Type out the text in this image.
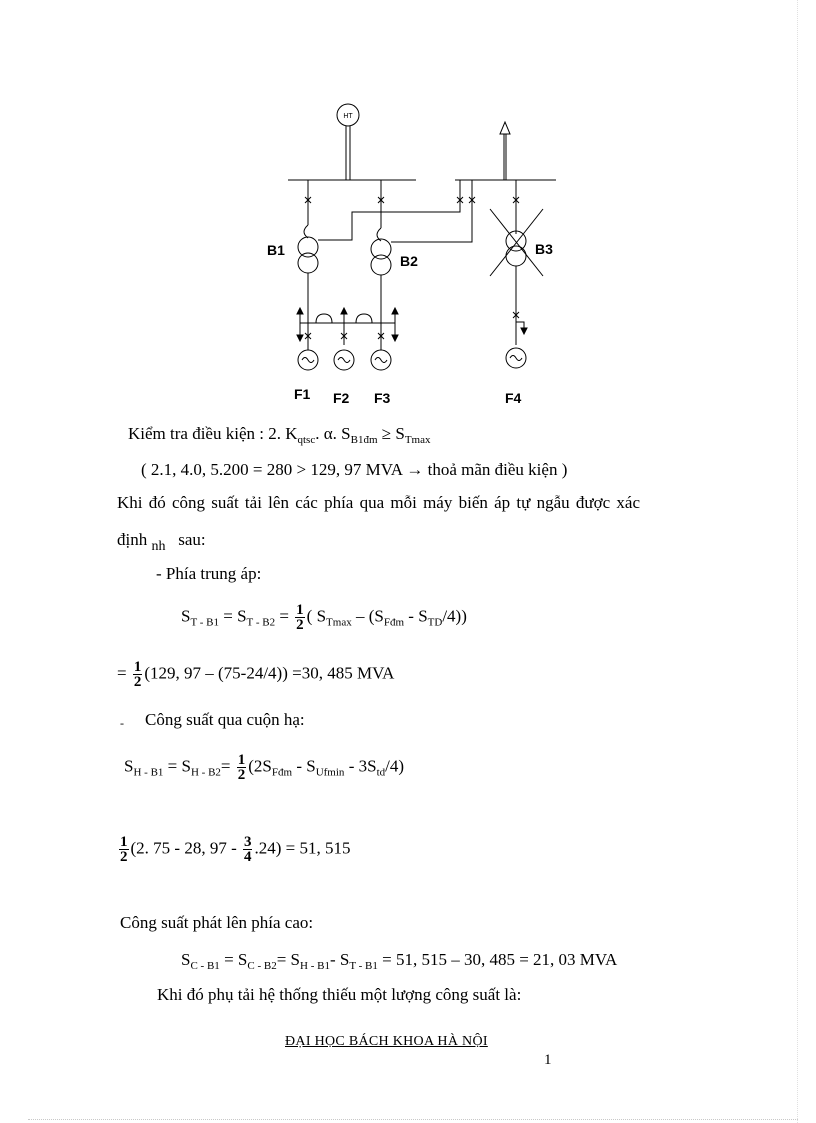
HT
B1
B2
B3
F1 F2 F3	F4
Kiểm tra điều kiện : 2. $K_{qtsc}$. α. $S_{B1đm} \ge S_{Tmax}$
( 2.1, 4.0, 5.200 = 280 > 129, 97 MVA → thoả mãn điều kiện )
Khi đó công suất tải lên các phía qua mỗi máy biến áp tự ngẫu được xác
định $_{nh}$ sau:
- Phía trung áp:
$S_{T - B1} = S_{T - B2} = \frac{1}{2}$ ( $S_{Tmax} - (S_{Fđm} - S_{TD}/4)$)
= $\frac{1}{2} (129$, 97 – (75-24/4)) =30, 485 MVA
- Công suất qua cuộn hạ:
$S_{H - B1} = S_{H - B2}= \frac{1}{2} (2S_{Fđm} - S_{Ufmin} - 3S_{td}/4)$
$\frac{1}{2} (2$. 75 - 28, $97 - \frac{3}{4} .24) = 51$, 515
Công suất phát lên phía cao:
$S_{C - B1} = S_{C - B2}= S_{H - B1}-$ $S_{T - B1} = 51$, 515 – 30, 485 = 21, 03 MVA
Khi đó phụ tải hệ thống thiếu một lượng công suất là:
ĐẠI HỌC BÁCH KHOA HÀ NỘI
1
